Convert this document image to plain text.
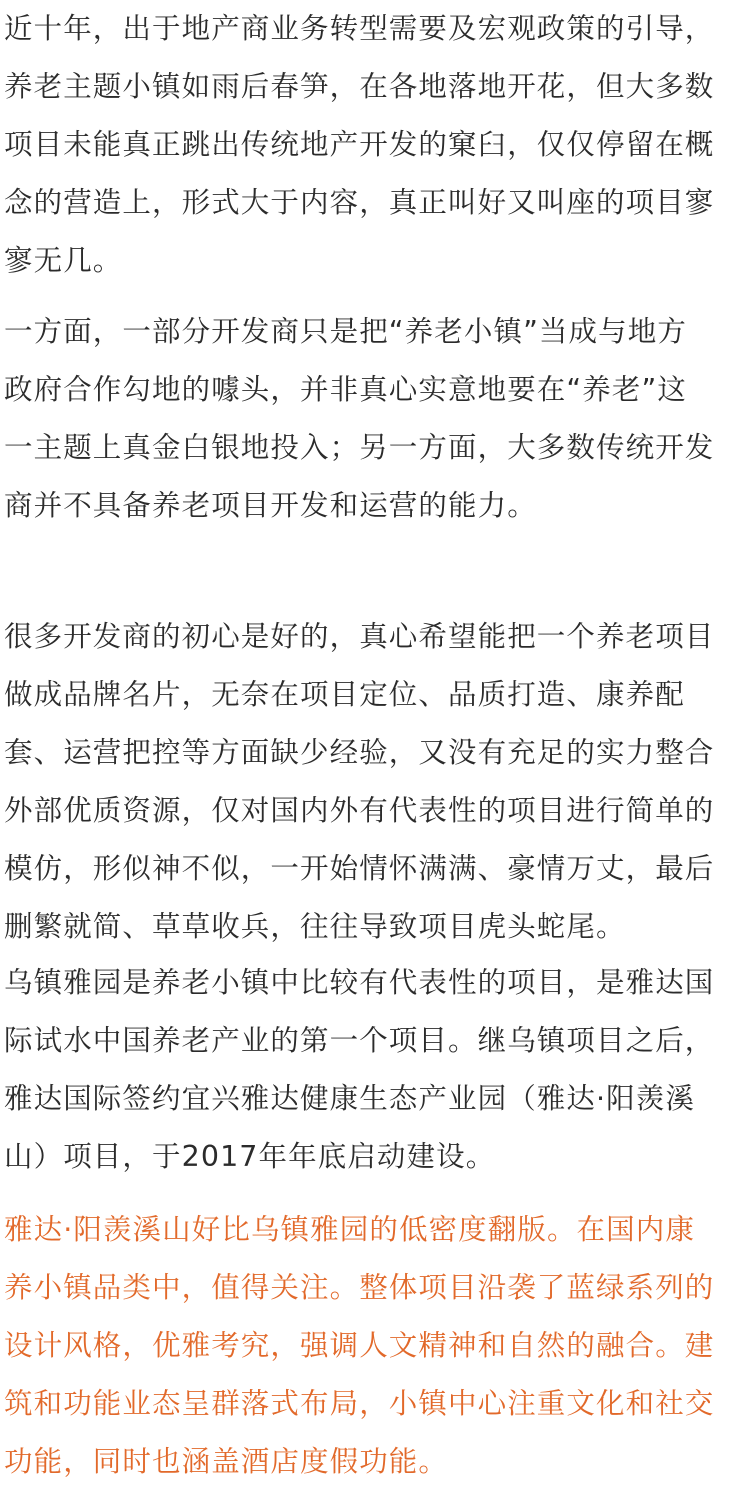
近十年，出于地产商业务转型需要及宏观政策的引导，
养老主题小镇如雨后春笋，在各地落地开花，但大多数
项目未能真正跳出传统地产开发的窠臼，仅仅停留在概
念的营造上，形式大于内容，真正叫好又叫座的项目寥
寥无几。

一方面，一部分开发商只是把“养老小镇”当成与地方
政府合作勾地的噱头，并非真心实意地要在“养老”这
一主题上真金白银地投入；另一方面，大多数传统开发
商并不具备养老项目开发和运营的能力。

很多开发商的初心是好的，真心希望能把一个养老项目
做成品牌名片，无奈在项目定位、品质打造、康养配
套、运营把控等方面缺少经验，又没有充足的实力整合
外部优质资源，仅对国内外有代表性的项目进行简单的
模仿，形似神不似，一开始情怀满满、豪情万丈，最后
删繁就简、草草收兵，往往导致项目虎头蛇尾。

乌镇雅园是养老小镇中比较有代表性的项目，是雅达国
际试水中国养老产业的第一个项目。继乌镇项目之后，
雅达国际签约宜兴雅达健康生态产业园（雅达·阳羡溪
山）项目，于2017年年底启动建设。

雅达·阳羡溪山好比乌镇雅园的低密度翻版。在国内康
养小镇品类中，值得关注。整体项目沿袭了蓝绿系列的
设计风格，优雅考究，强调人文精神和自然的融合。建
筑和功能业态呈群落式布局，小镇中心注重文化和社交
功能，同时也涵盖酒店度假功能。
